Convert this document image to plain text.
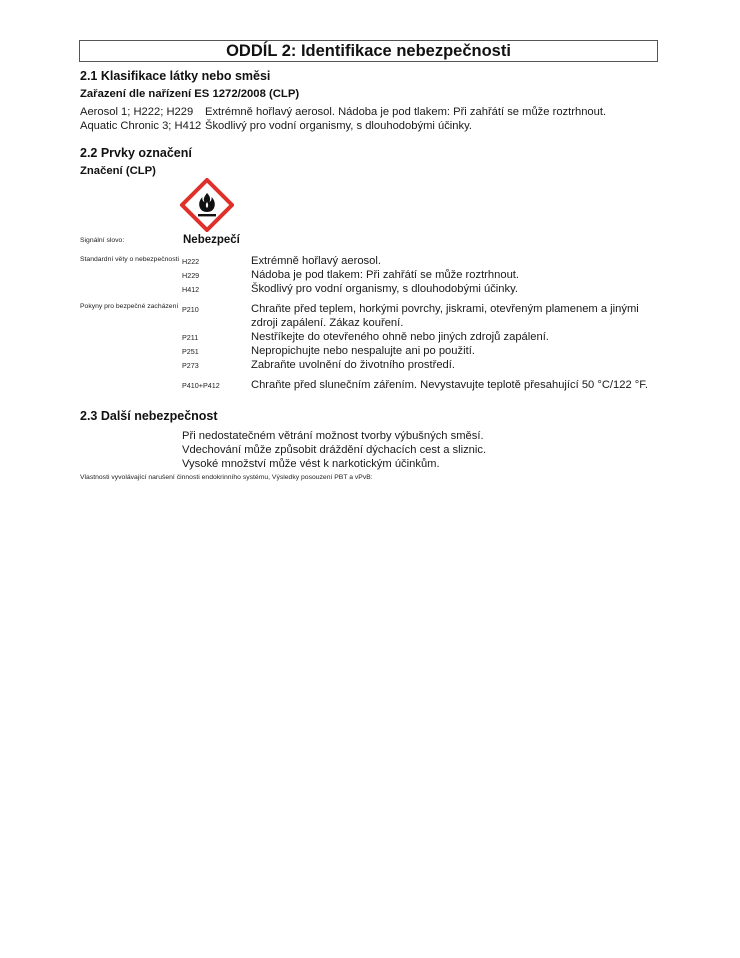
ODDÍL 2: Identifikace nebezpečnosti
2.1 Klasifikace látky nebo směsi
Zařazení dle nařízení ES 1272/2008 (CLP)
Aerosol 1; H222; H229 Extrémně hořlavý aerosol. Nádoba je pod tlakem: Při zahřátí se může roztrhnout.
Aquatic Chronic 3; H412 Škodlivý pro vodní organismy, s dlouhodobými účinky.
2.2 Prvky označení
Značení (CLP)
Signální slovo:	Nebezpečí
Standardní věty o nebezpečnosti H222	Extrémně hořlavý aerosol.
H229	Nádoba je pod tlakem: Při zahřátí se může roztrhnout.
H412	Škodlivý pro vodní organismy, s dlouhodobými účinky.
Pokyny pro bezpečné zacházení P210	Chraňte před teplem, horkými povrchy, jiskrami, otevřeným plamenem a jinými
zdroji zapálení. Zákaz kouření.
P211	Nestříkejte do otevřeného ohně nebo jiných zdrojů zapálení.
P251	Nepropichujte nebo nespalujte ani po použití.
P273	Zabraňte uvolnění do životního prostředí.
P410+P412	Chraňte před slunečním zářením. Nevystavujte teplotě přesahující 50 °C/122 °F.
2.3 Další nebezpečnost
Při nedostatečném větrání možnost tvorby výbušných směsí.
Vdechování může způsobit dráždění dýchacích cest a sliznic.
Vysoké množství může vést k narkotickým účinkům.
Vlastnosti vyvolávající narušení činnosti endokrinního systému, Výsledky posouzení PBT a vPvB:
